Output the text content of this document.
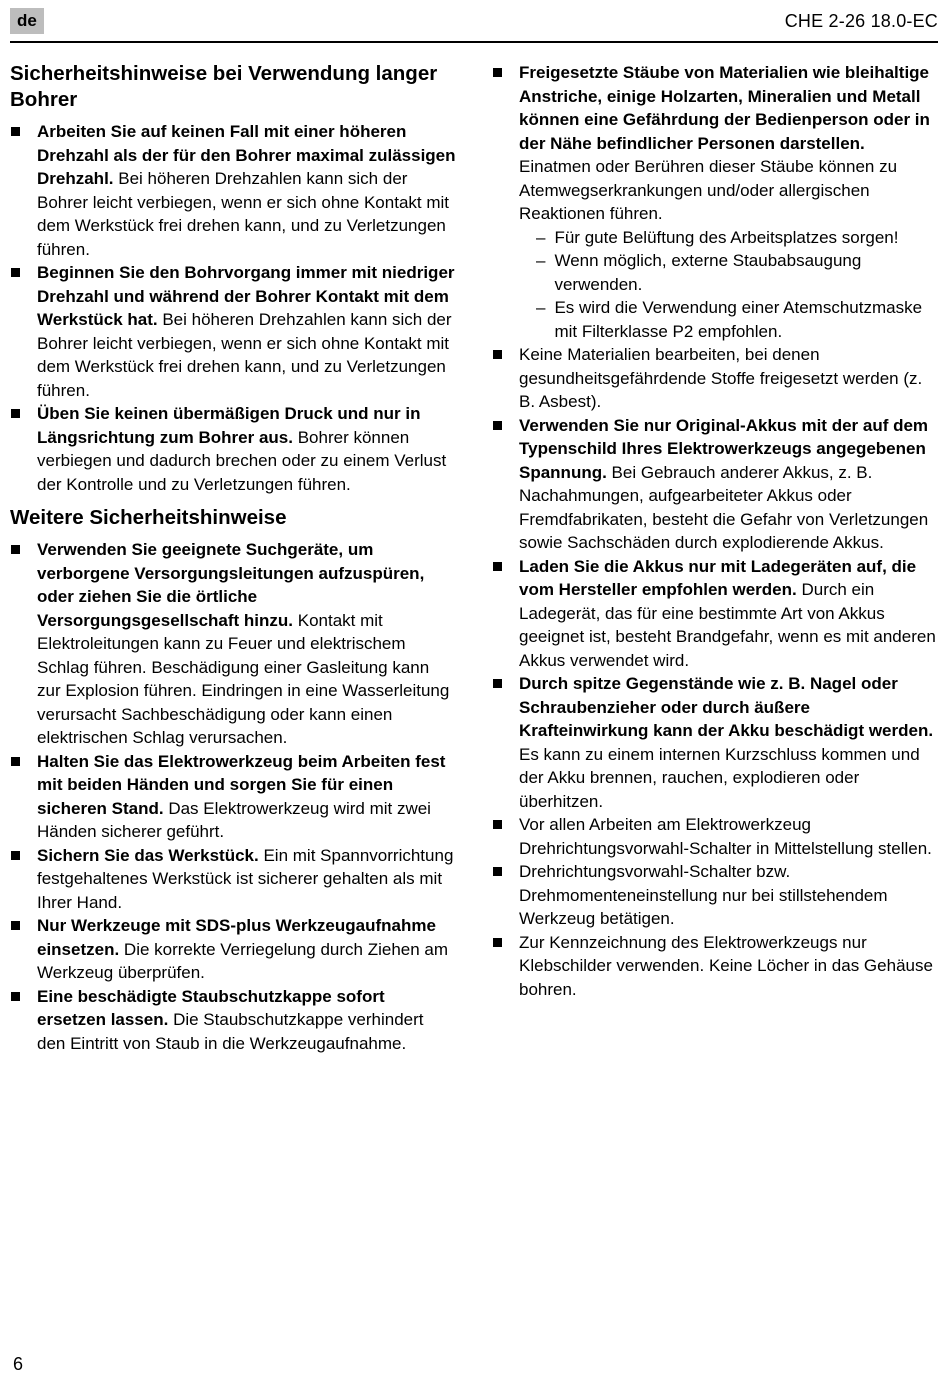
de	CHE 2-26 18.0-EC
Sicherheitshinweise bei Verwendung langer Bohrer

Arbeiten Sie auf keinen Fall mit einer höheren Drehzahl als der für den Bohrer maximal zulässigen Drehzahl. Bei höheren Drehzahlen kann sich der Bohrer leicht verbiegen, wenn er sich ohne Kontakt mit dem Werkstück frei drehen kann, und zu Verletzungen führen.

Beginnen Sie den Bohrvorgang immer mit niedriger Drehzahl und während der Bohrer Kontakt mit dem Werkstück hat. Bei höheren Drehzahlen kann sich der Bohrer leicht verbiegen, wenn er sich ohne Kontakt mit dem Werkstück frei drehen kann, und zu Verletzungen führen.

Üben Sie keinen übermäßigen Druck und nur in Längsrichtung zum Bohrer aus. Bohrer können verbiegen und dadurch brechen oder zu einem Verlust der Kontrolle und zu Verletzungen führen.

Weitere Sicherheitshinweise

Verwenden Sie geeignete Suchgeräte, um verborgene Versorgungsleitungen aufzuspüren, oder ziehen Sie die örtliche Versorgungsgesellschaft hinzu. Kontakt mit Elektroleitungen kann zu Feuer und elektrischem Schlag führen. Beschädigung einer Gasleitung kann zur Explosion führen. Eindringen in eine Wasserleitung verursacht Sachbeschädigung oder kann einen elektrischen Schlag verursachen.

Halten Sie das Elektrowerkzeug beim Arbeiten fest mit beiden Händen und sorgen Sie für einen sicheren Stand. Das Elektrowerkzeug wird mit zwei Händen sicherer geführt.

Sichern Sie das Werkstück. Ein mit Spannvorrichtung festgehaltenes Werkstück ist sicherer gehalten als mit Ihrer Hand.

Nur Werkzeuge mit SDS-plus Werkzeugaufnahme einsetzen. Die korrekte Verriegelung durch Ziehen am Werkzeug überprüfen.

Eine beschädigte Staubschutzkappe sofort ersetzen lassen. Die Staubschutzkappe verhindert den Eintritt von Staub in die Werkzeugaufnahme.

Freigesetzte Stäube von Materialien wie bleihaltige Anstriche, einige Holzarten, Mineralien und Metall können eine Gefährdung der Bedienperson oder in der Nähe befindlicher Personen darstellen. Einatmen oder Berühren dieser Stäube können zu Atemwegserkrankungen und/oder allergischen Reaktionen führen.

– Für gute Belüftung des Arbeitsplatzes sorgen!
– Wenn möglich, externe Staubabsaugung verwenden.
– Es wird die Verwendung einer Atemschutzmaske mit Filterklasse P2 empfohlen.

Keine Materialien bearbeiten, bei denen gesundheitsgefährdende Stoffe freigesetzt werden (z. B. Asbest).

Verwenden Sie nur Original-Akkus mit der auf dem Typenschild Ihres Elektrowerkzeugs angegebenen Spannung. Bei Gebrauch anderer Akkus, z. B. Nachahmungen, aufgearbeiteter Akkus oder Fremdfabrikaten, besteht die Gefahr von Verletzungen sowie Sachschäden durch explodierende Akkus.

Laden Sie die Akkus nur mit Ladegeräten auf, die vom Hersteller empfohlen werden. Durch ein Ladegerät, das für eine bestimmte Art von Akkus geeignet ist, besteht Brandgefahr, wenn es mit anderen Akkus verwendet wird.

Durch spitze Gegenstände wie z. B. Nagel oder Schraubenzieher oder durch äußere Krafteinwirkung kann der Akku beschädigt werden. Es kann zu einem internen Kurzschluss kommen und der Akku brennen, rauchen, explodieren oder überhitzen.

Vor allen Arbeiten am Elektrowerkzeug Drehrichtungsvorwahl-Schalter in Mittelstellung stellen.

Drehrichtungsvorwahl-Schalter bzw. Drehmomenteneinstellung nur bei stillstehendem Werkzeug betätigen.

Zur Kennzeichnung des Elektrowerkzeugs nur Klebschilder verwenden. Keine Löcher in das Gehäuse bohren.

6
